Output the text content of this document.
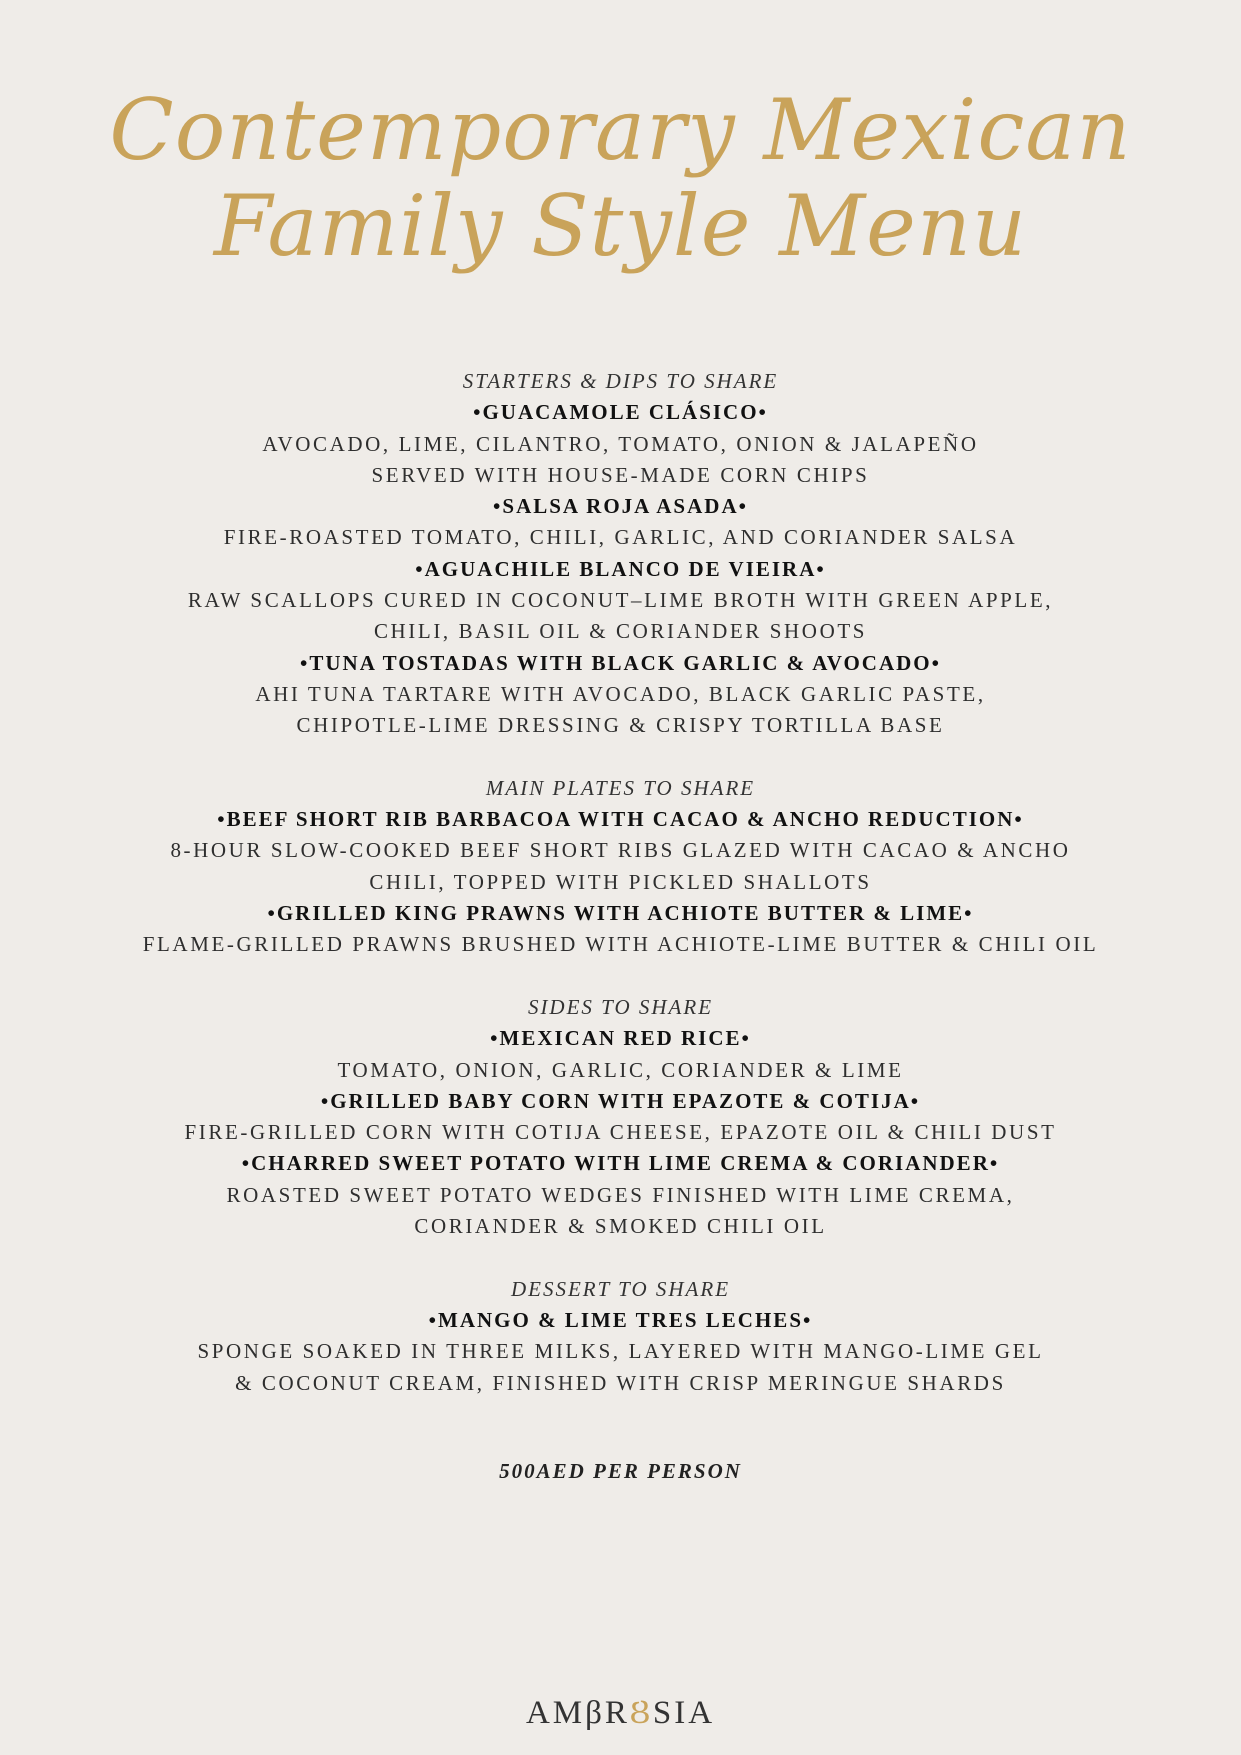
Contemporary Mexican
Family Style Menu
STARTERS & DIPS TO SHARE
•GUACAMOLE CLÁSICO•
AVOCADO, LIME, CILANTRO, TOMATO, ONION & JALAPEÑO
SERVED WITH HOUSE-MADE CORN CHIPS
•SALSA ROJA ASADA•
FIRE-ROASTED TOMATO, CHILI, GARLIC, AND CORIANDER SALSA
•AGUACHILE BLANCO DE VIEIRA•
RAW SCALLOPS CURED IN COCONUT–LIME BROTH WITH GREEN APPLE,
CHILI, BASIL OIL & CORIANDER SHOOTS
•TUNA TOSTADAS WITH BLACK GARLIC & AVOCADO•
AHI TUNA TARTARE WITH AVOCADO, BLACK GARLIC PASTE,
CHIPOTLE-LIME DRESSING & CRISPY TORTILLA BASE
MAIN PLATES TO SHARE
•BEEF SHORT RIB BARBACOA WITH CACAO & ANCHO REDUCTION•
8-HOUR SLOW-COOKED BEEF SHORT RIBS GLAZED WITH CACAO & ANCHO
CHILI, TOPPED WITH PICKLED SHALLOTS
•GRILLED KING PRAWNS WITH ACHIOTE BUTTER & LIME•
FLAME-GRILLED PRAWNS BRUSHED WITH ACHIOTE-LIME BUTTER & CHILI OIL
SIDES TO SHARE
•MEXICAN RED RICE•
TOMATO, ONION, GARLIC, CORIANDER & LIME
•GRILLED BABY CORN WITH EPAZOTE & COTIJA•
FIRE-GRILLED CORN WITH COTIJA CHEESE, EPAZOTE OIL & CHILI DUST
•CHARRED SWEET POTATO WITH LIME CREMA & CORIANDER•
ROASTED SWEET POTATO WEDGES FINISHED WITH LIME CREMA,
CORIANDER & SMOKED CHILI OIL
DESSERT TO SHARE
•MANGO & LIME TRES LECHES•
SPONGE SOAKED IN THREE MILKS, LAYERED WITH MANGO-LIME GEL
& COCONUT CREAM, FINISHED WITH CRISP MERINGUE SHARDS
500AED PER PERSON
AMβRȢSIA
